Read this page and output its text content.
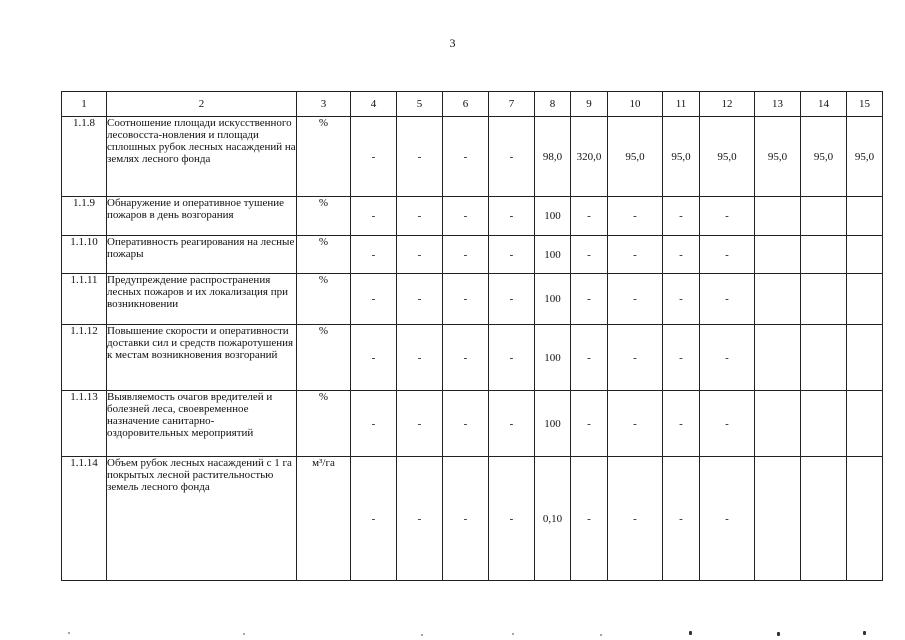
3
1	2	3	4	5	6	7	8	9	10	11	12	13	14	15
1.1.8	Соотношение площади искусственного лесовосста-новления и площади сплошных рубок лесных насаждений на землях лесного фонда	%	-	-	-	-	98,0	320,0	95,0	95,0	95,0	95,0	95,0	95,0
1.1.9	Обнаружение и оперативное тушение пожаров в день возгорания	%	-	-	-	-	100	-	-	-	-			
1.1.10	Оперативность реагирования на лесные пожары	%	-	-	-	-	100	-	-	-	-			
1.1.11	Предупреждение распространения лесных пожаров и их локализация при возникновении	%	-	-	-	-	100	-	-	-	-			
1.1.12	Повышение скорости и оперативности доставки сил и средств пожаротушения к местам возникновения возгораний	%	-	-	-	-	100	-	-	-	-			
1.1.13	Выявляемость очагов вредителей и болезней леса, своевременное назначение санитарно-оздоровительных мероприятий	%	-	-	-	-	100	-	-	-	-			
1.1.14	Объем рубок лесных насаждений с 1 га покрытых лесной растительностью земель лесного фонда	м³/га	-	-	-	-	0,10	-	-	-	-			
